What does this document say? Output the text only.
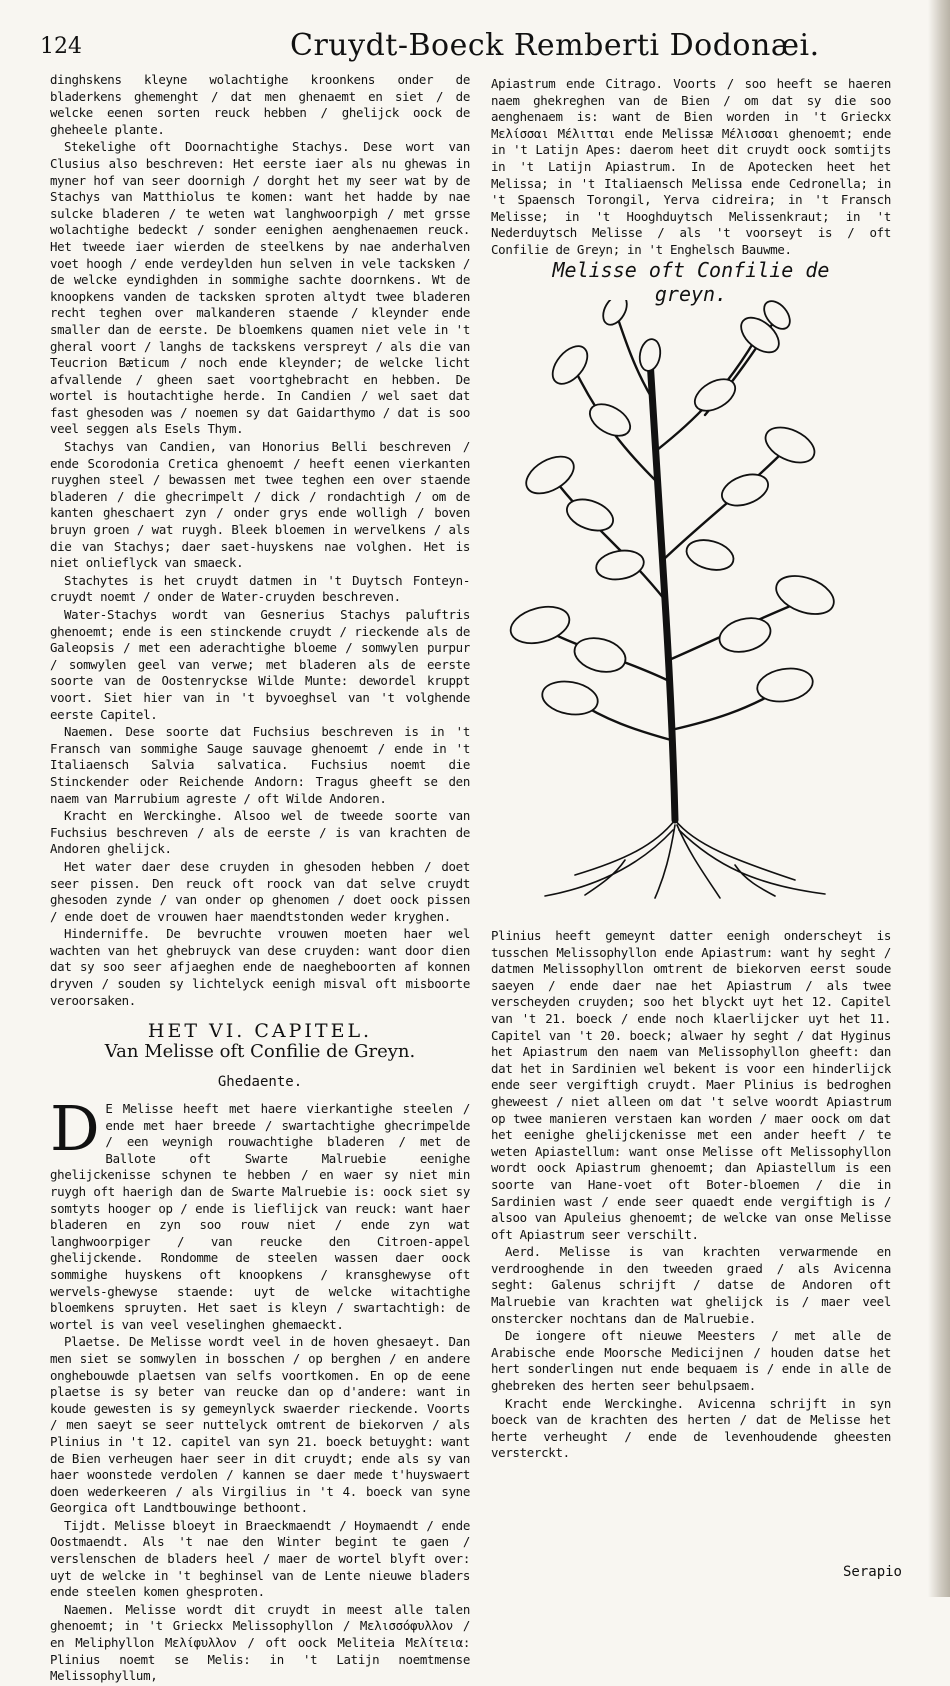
124	Cruydt-Boeck Remberti Dodonæi.

dinghskens kleyne wolachtighe kroonkens onder de bladerkens ghemenght / dat men ghenaemt en siet / de welcke eenen sorten reuck hebben / ghelijck oock de gheheele plante.

Stekelighe oft Doornachtighe Stachys. Dese wort van Clusius also beschreven: Het eerste iaer als nu ghewas in myner hof van seer doornigh / dorght het my seer wat by de Stachys van Matthiolus te komen: want het hadde by nae sulcke bladeren / te weten wat langhwoorpigh / met grsse wolachtighe bedeckt / sonder eenighen aenghenaemen reuck. Het tweede iaer wierden de steelkens by nae anderhalven voet hoogh / ende verdeylden hun selven in vele tacksken / de welcke eyndighden in sommighe sachte doornkens. Wt de knoopkens vanden de tacksken sproten altydt twee bladeren recht teghen over malkanderen staende / kleynder ende smaller dan de eerste. De bloemkens quamen niet vele in 't gheral voort / langhs de tackskens verspreyt / als die van Teucrion Bæticum / noch ende kleynder; de welcke licht afvallende / gheen saet voortghebracht en hebben. De wortel is houtachtighe herde. In Candien / wel saet dat fast ghesoden was / noemen sy dat Gaidarthymo / dat is soo veel seggen als Esels Thym.

Stachys van Candien, van Honorius Belli beschreven / ende Scorodonia Cretica ghenoemt / heeft eenen vierkanten ruyghen steel / bewassen met twee teghen een over staende bladeren / die ghecrimpelt / dick / rondachtigh / om de kanten gheschaert zyn / onder grys ende wolligh / boven bruyn groen / wat ruygh. Bleek bloemen in wervelkens / als die van Stachys; daer saet-huyskens nae volghen. Het is niet onlieflyck van smaeck.

Stachytes is het cruydt datmen in 't Duytsch Fonteyn-cruydt noemt / onder de Water-cruyden beschreven.

Water-Stachys wordt van Gesnerius Stachys paluftris ghenoemt; ende is een stinckende cruydt / rieckende als de Galeopsis / met een aderachtighe bloeme / somwylen purpur / somwylen geel van verwe; met bladeren als de eerste soorte van de Oostenryckse Wilde Munte: dewordel kruppt voort. Siet hier van in 't byvoeghsel van 't volghende eerste Capitel.

Naemen. Dese soorte dat Fuchsius beschreven is in 't Fransch van sommighe Sauge sauvage ghenoemt / ende in 't Italiaensch Salvia salvatica. Fuchsius noemt die Stinckender oder Reichende Andorn: Tragus gheeft se den naem van Marrubium agreste / oft Wilde Andoren.

Kracht en Werckinghe. Alsoo wel de tweede soorte van Fuchsius beschreven / als de eerste / is van krachten de Andoren ghelijck.

Het water daer dese cruyden in ghesoden hebben / doet seer pissen. Den reuck oft roock van dat selve cruydt ghesoden zynde / van onder op ghenomen / doet oock pissen / ende doet de vrouwen haer maendtstonden weder kryghen.

Hinderniffe. De bevruchte vrouwen moeten haer wel wachten van het ghebruyck van dese cruyden: want door dien dat sy soo seer afjaeghen ende de naegheboorten af konnen dryven / souden sy lichtelyck eenigh misval oft misboorte veroorsaken.

HET VI. CAPITEL.
Van Melisse oft Confilie de Greyn.
Ghedaente.

D E Melisse heeft met haere vierkantighe steelen / ende met haer breede / swartachtighe ghecrimpelde / een weynigh rouwachtighe bladeren / met de Ballote oft Swarte Malruebie eenighe ghelijckenisse schynen te hebben / en waer sy niet min ruygh oft haerigh dan de Swarte Malruebie is: oock siet sy somtyts hooger op / ende is lieflijck van reuck: want haer bladeren en zyn soo rouw niet / ende zyn wat langhwoorpiger / van reucke den Citroen-appel ghelijckende. Rondomme de steelen wassen daer oock sommighe huyskens oft knoopkens / kransghewyse oft wervels-ghewyse staende: uyt de welcke witachtighe bloemkens spruyten. Het saet is kleyn / swartachtigh: de wortel is van veel veselinghen ghemaeckt.

Plaetse. De Melisse wordt veel in de hoven ghesaeyt. Dan men siet se somwylen in bosschen / op berghen / en andere onghebouwde plaetsen van selfs voortkomen. En op de eene plaetse is sy beter van reucke dan op d'andere: want in koude gewesten is sy gemeynlyck swaerder rieckende. Voorts / men saeyt se seer nuttelyck omtrent de biekorven / als Plinius in 't 12. capitel van syn 21. boeck betuyght: want de Bien verheugen haer seer in dit cruydt; ende als sy van haer woonstede verdolen / kannen se daer mede t'huyswaert doen wederkeeren / als Virgilius in 't 4. boeck van syne Georgica oft Landtbouwinge bethoont.

Tijdt. Melisse bloeyt in Braeckmaendt / Hoymaendt / ende Oostmaendt. Als 't nae den Winter begint te gaen / verslenschen de bladers heel / maer de wortel blyft over: uyt de welcke in 't beghinsel van de Lente nieuwe bladers ende steelen komen ghesproten.

Naemen. Melisse wordt dit cruydt in meest alle talen ghenoemt; in 't Grieckx Melissophyllon / Μελισσόφυλλον / en Meliphyllon Μελίφυλλον / oft oock Meliteia Μελίτεια: Plinius noemt se Melis: in 't Latijn noemtmense Melissophyllum,

Apiastrum ende Citrago. Voorts / soo heeft se haeren naem ghekreghen van de Bien / om dat sy die soo aenghenaem is: want de Bien worden in 't Grieckx Mελίσσαι Μέλιτται ende Melissæ Μέλισσαι ghenoemt; ende in 't Latijn Apes: daerom heet dit cruydt oock somtijts in 't Latijn Apiastrum. In de Apotecken heet het Melissa; in 't Italiaensch Melissa ende Cedronella; in 't Spaensch Torongil, Yerva cidreira; in 't Fransch Melisse; in 't Hooghduytsch Melissenkraut; in 't Nederduytsch Melisse / als 't voorseyt is / oft Confilie de Greyn; in 't Enghelsch Bauwme.

Melisse oft Confilie de greyn.

Plinius heeft gemeynt datter eenigh onderscheyt is tusschen Melissophyllon ende Apiastrum: want hy seght / datmen Melissophyllon omtrent de biekorven eerst soude saeyen / ende daer nae het Apiastrum / als twee verscheyden cruyden; soo het blyckt uyt het 12. Capitel van 't 21. boeck / ende noch klaerlijcker uyt het 11. Capitel van 't 20. boeck; alwaer hy seght / dat Hyginus het Apiastrum den naem van Melissophyllon gheeft: dan dat het in Sardinien wel bekent is voor een hinderlijck ende seer vergiftigh cruydt. Maer Plinius is bedroghen gheweest / niet alleen om dat 't selve woordt Apiastrum op twee manieren verstaen kan worden / maer oock om dat het eenighe ghelijckenisse met een ander heeft / te weten Apiastellum: want onse Melisse oft Melissophyllon wordt oock Apiastrum ghenoemt; dan Apiastellum is een soorte van Hane-voet oft Boter-bloemen / die in Sardinien wast / ende seer quaedt ende vergiftigh is / alsoo van Apuleius ghenoemt; de welcke van onse Melisse oft Apiastrum seer verschilt.

Aerd. Melisse is van krachten verwarmende en verdrooghende in den tweeden graed / als Avicenna seght: Galenus schrijft / datse de Andoren oft Malruebie van krachten wat ghelijck is / maer veel onstercker nochtans dan de Malruebie.

De iongere oft nieuwe Meesters / met alle de Arabische ende Moorsche Medicijnen / houden datse het hert sonderlingen nut ende bequaem is / ende in alle de ghebreken des herten seer behulpsaem.

Kracht ende Werckinghe. Avicenna schrijft in syn boeck van de krachten des herten / dat de Melisse het herte verheught / ende de levenhoudende gheesten versterckt.

Serapio
